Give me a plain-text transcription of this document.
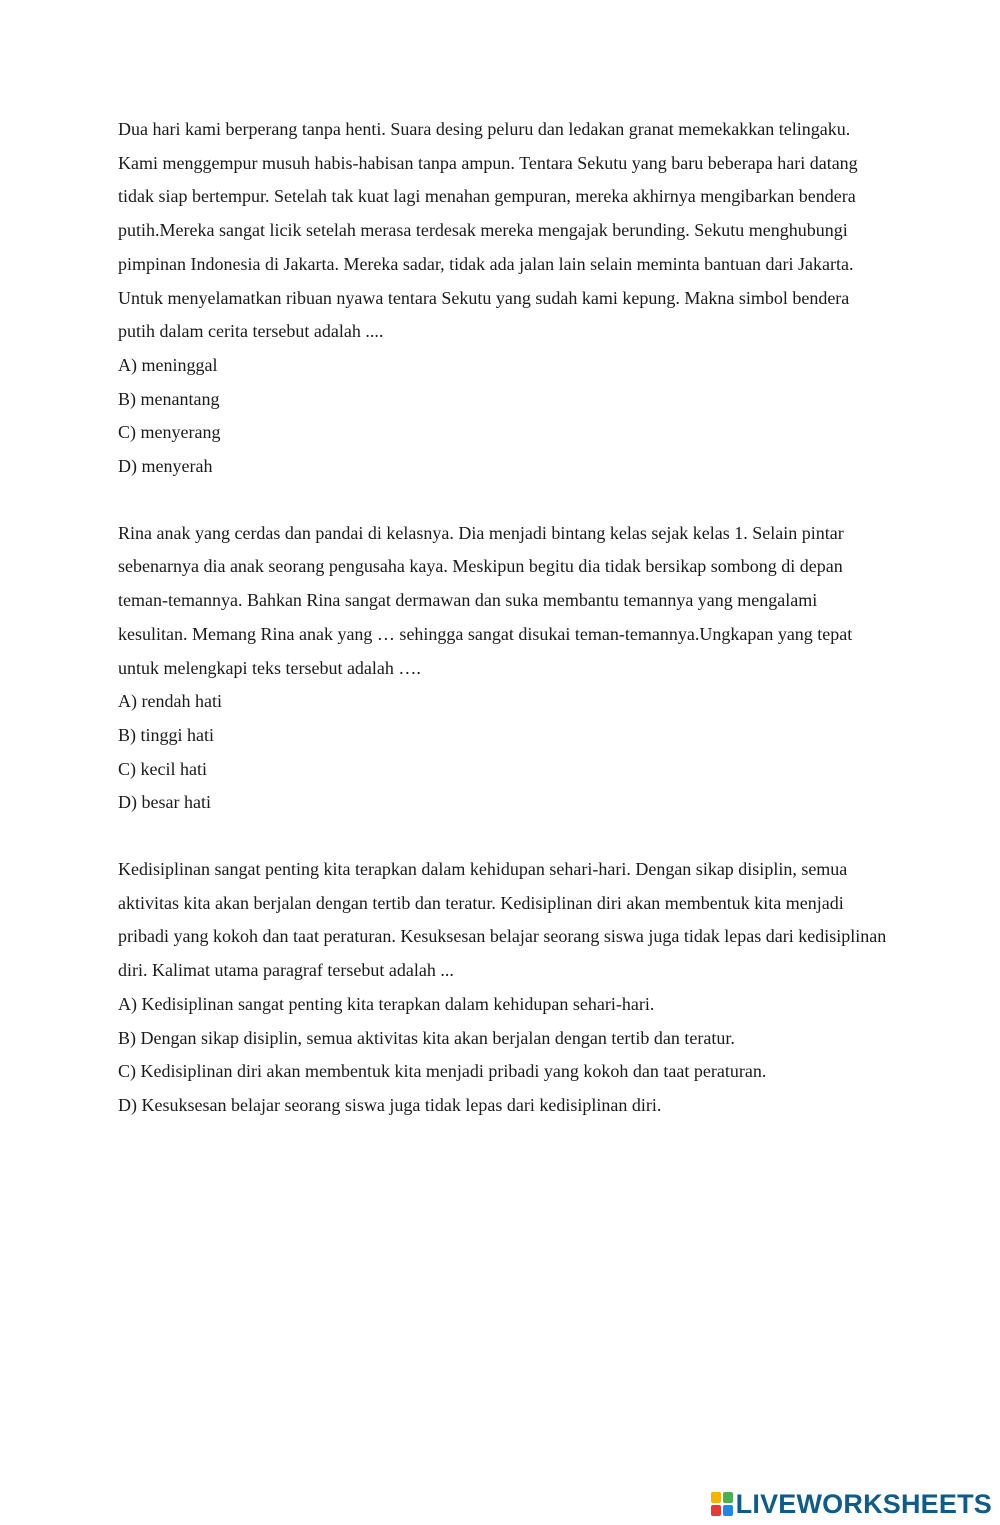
Dua hari kami berperang tanpa henti. Suara desing peluru dan ledakan granat memekakkan telingaku. Kami menggempur musuh habis-habisan tanpa ampun. Tentara Sekutu yang baru beberapa hari datang tidak siap bertempur. Setelah tak kuat lagi menahan gempuran, mereka akhirnya mengibarkan bendera putih.Mereka sangat licik setelah merasa terdesak mereka mengajak berunding. Sekutu menghubungi pimpinan Indonesia di Jakarta. Mereka sadar, tidak ada jalan lain selain meminta bantuan dari Jakarta. Untuk menyelamatkan ribuan nyawa tentara Sekutu yang sudah kami kepung. Makna simbol bendera putih dalam cerita tersebut adalah ....
A) meninggal
B) menantang
C) menyerang
D) menyerah
Rina anak yang cerdas dan pandai di kelasnya. Dia menjadi bintang kelas sejak kelas 1. Selain pintar sebenarnya dia anak seorang pengusaha kaya. Meskipun begitu dia tidak bersikap sombong di depan teman-temannya. Bahkan Rina sangat dermawan dan suka membantu temannya yang mengalami kesulitan. Memang Rina anak yang … sehingga sangat disukai teman-temannya.Ungkapan yang tepat untuk melengkapi teks tersebut adalah ….
A) rendah hati
B) tinggi hati
C) kecil hati
D) besar hati
Kedisiplinan sangat penting kita terapkan dalam kehidupan sehari-hari. Dengan sikap disiplin, semua aktivitas kita akan berjalan dengan tertib dan teratur. Kedisiplinan diri akan membentuk kita menjadi pribadi yang kokoh dan taat peraturan. Kesuksesan belajar seorang siswa juga tidak lepas dari kedisiplinan diri. Kalimat utama paragraf tersebut adalah ...
A) Kedisiplinan sangat penting kita terapkan dalam kehidupan sehari-hari.
B) Dengan sikap disiplin, semua aktivitas kita akan berjalan dengan tertib dan teratur.
C) Kedisiplinan diri akan membentuk kita menjadi pribadi yang kokoh dan taat peraturan.
D) Kesuksesan belajar seorang siswa juga tidak lepas dari kedisiplinan diri.
LIVEWORKSHEETS
